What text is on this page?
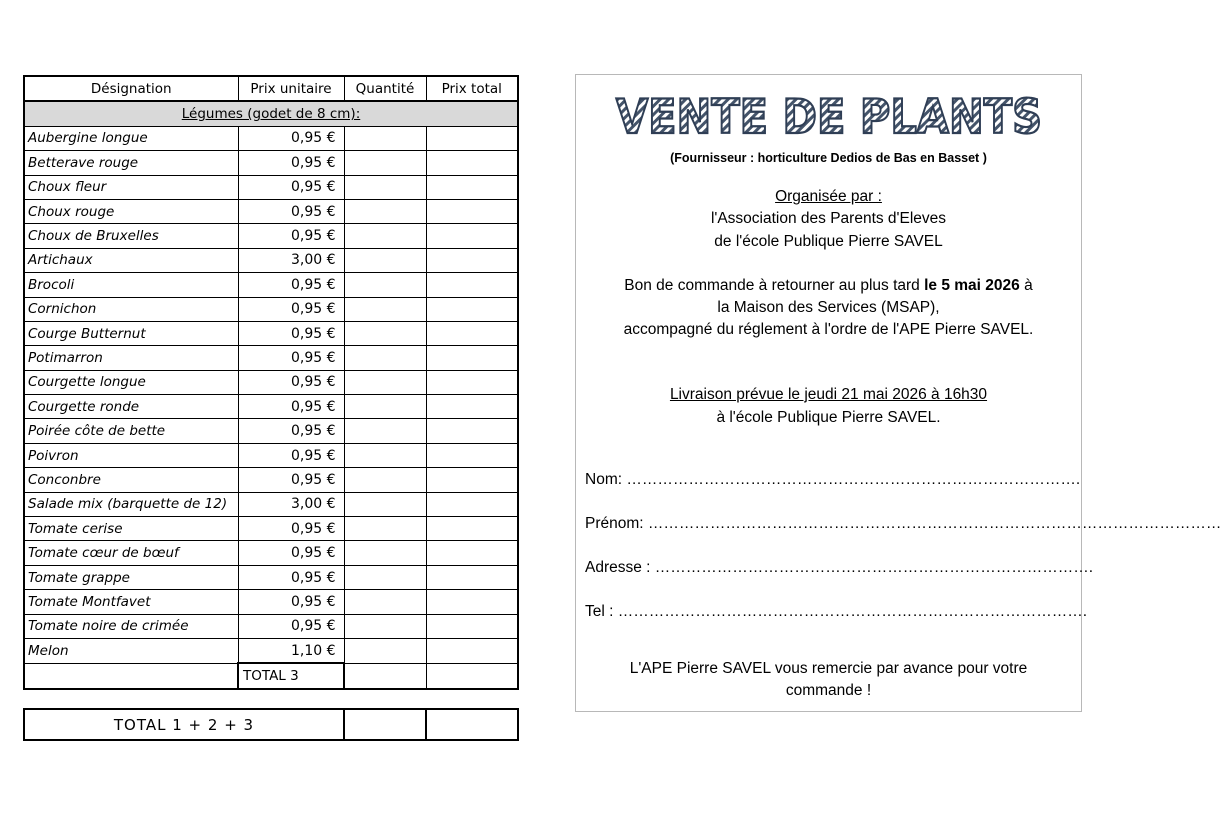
Désignation	Prix unitaire	Quantité	Prix total
Légumes (godet de 8 cm):			
Aubergine longue	0,95 €		
Betterave rouge	0,95 €		
Choux fleur	0,95 €		
Choux rouge	0,95 €		
Choux de Bruxelles	0,95 €		
Artichaux	3,00 €		
Brocoli	0,95 €		
Cornichon	0,95 €		
Courge Butternut	0,95 €		
Potimarron	0,95 €		
Courgette longue	0,95 €		
Courgette ronde	0,95 €		
Poirée côte de bette	0,95 €		
Poivron	0,95 €		
Conconbre	0,95 €		
Salade mix (barquette de 12)	3,00 €		
Tomate cerise	0,95 €		
Tomate cœur de bœuf	0,95 €		
Tomate grappe	0,95 €		
Tomate Montfavet	0,95 €		
Tomate noire de crimée	0,95 €		
Melon	1,10 €		
	TOTAL 3		
TOTAL 1 + 2 + 3		
VENTE DE PLANTS
(Fournisseur : horticulture Dedios de Bas en Basset )
Organisée par :
l'Association des Parents d'Eleves
de l'école Publique Pierre SAVEL
Bon de commande à retourner au plus tard le 5 mai 2026 à
la Maison des Services (MSAP),
accompagné du réglement à l'ordre de l'APE Pierre SAVEL.
Livraison prévue le jeudi 21 mai 2026 à 16h30
à l'école Publique Pierre SAVEL.
Nom: …………………………………………………………………………….
Prénom: …………………………………………………………………………………………………
Adresse : ………………………………………………………………………….
Tel : ……………………………………………………………………………….
L'APE Pierre SAVEL vous remercie par avance pour votre
commande !
